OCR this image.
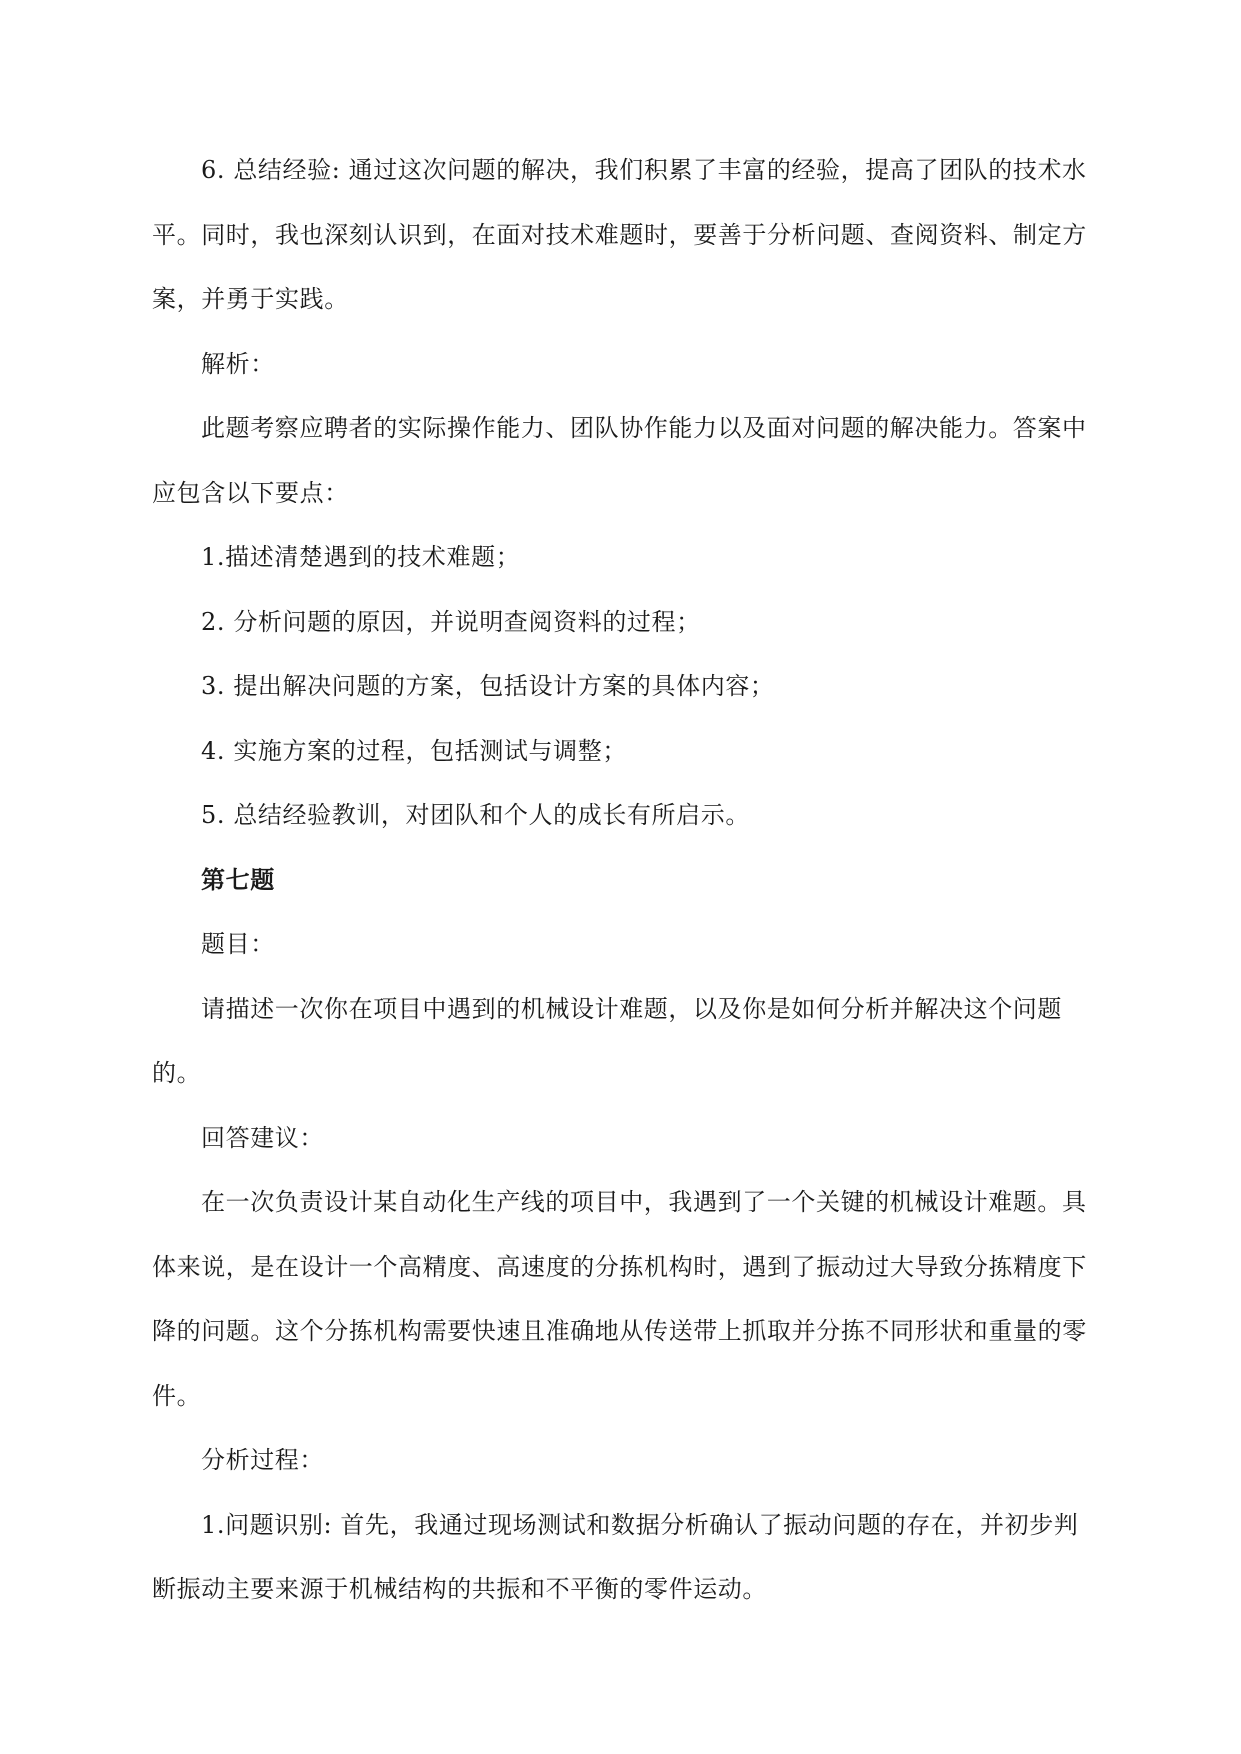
6. 总结经验: 通过这次问题的解决，我们积累了丰富的经验，提高了团队的技术水平。同时，我也深刻认识到，在面对技术难题时，要善于分析问题、查阅资料、制定方案，并勇于实践。

解析：

此题考察应聘者的实际操作能力、团队协作能力以及面对问题的解决能力。答案中应包含以下要点：

1.描述清楚遇到的技术难题；

2. 分析问题的原因，并说明查阅资料的过程；

3. 提出解决问题的方案，包括设计方案的具体内容；

4. 实施方案的过程，包括测试与调整；

5. 总结经验教训，对团队和个人的成长有所启示。

第七题

题目：

请描述一次你在项目中遇到的机械设计难题，以及你是如何分析并解决这个问题的。

回答建议：

在一次负责设计某自动化生产线的项目中，我遇到了一个关键的机械设计难题。具体来说，是在设计一个高精度、高速度的分拣机构时，遇到了振动过大导致分拣精度下降的问题。这个分拣机构需要快速且准确地从传送带上抓取并分拣不同形状和重量的零件。

分析过程：

1.问题识别: 首先，我通过现场测试和数据分析确认了振动问题的存在，并初步判断振动主要来源于机械结构的共振和不平衡的零件运动。
